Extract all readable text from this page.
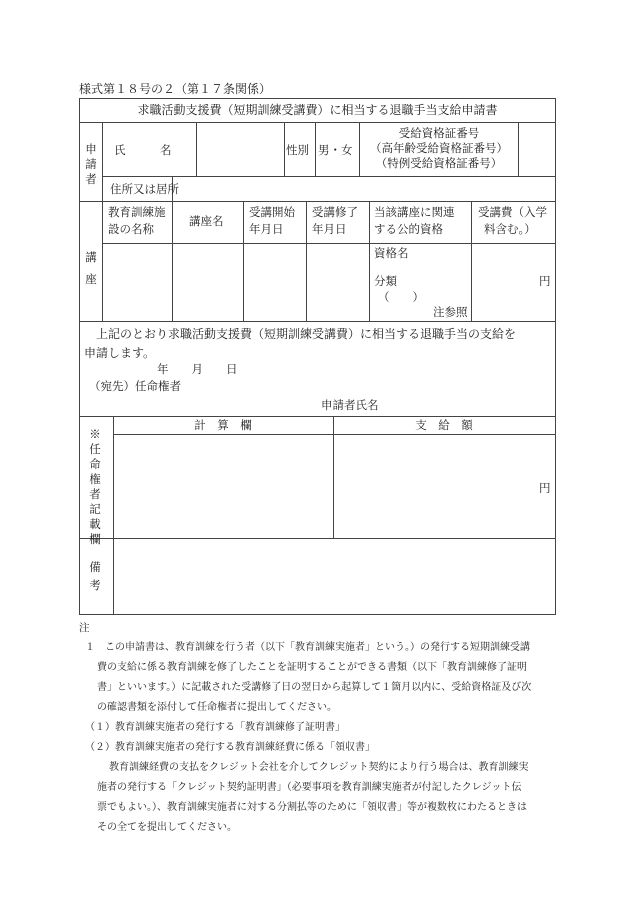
様式第１８号の２（第１７条関係）
求職活動支援費（短期訓練受講費）に相当する退職手当支給申請書
申請者
氏　　　名	性別 男・女
受給資格証番号
（高年齢受給資格証番号）
（特例受給資格証番号）
住所又は居所
講座
教育訓練施
設の名称
講座名
受講開始
年月日
受講修了
年月日
当該講座に関連
する公的資格
受講費（入学
料含む。）
資格名
分類
（　　）
注参照
円
上記のとおり求職活動支援費（短期訓練受講費）に相当する退職手当の支給を
申請します。
年　　月　　日
（宛先）任命権者
申請者氏名
※任命権者記載欄
計　算　欄	支　給　額
円
備考
注
１　この申請書は、教育訓練を行う者（以下「教育訓練実施者」という。）の発行する短期訓練受講
費の支給に係る教育訓練を修了したことを証明することができる書類（以下「教育訓練修了証明
書」といいます。）に記載された受講修了日の翌日から起算して１箇月以内に、受給資格証及び次
の確認書類を添付して任命権者に提出してください。
（１）教育訓練実施者の発行する「教育訓練修了証明書」
（２）教育訓練実施者の発行する教育訓練経費に係る「領収書」
教育訓練経費の支払をクレジット会社を介してクレジット契約により行う場合は、教育訓練実
施者の発行する「クレジット契約証明書」（必要事項を教育訓練実施者が付記したクレジット伝
票でもよい。）、教育訓練実施者に対する分割払等のために「領収書」等が複数枚にわたるときは
その全てを提出してください。
